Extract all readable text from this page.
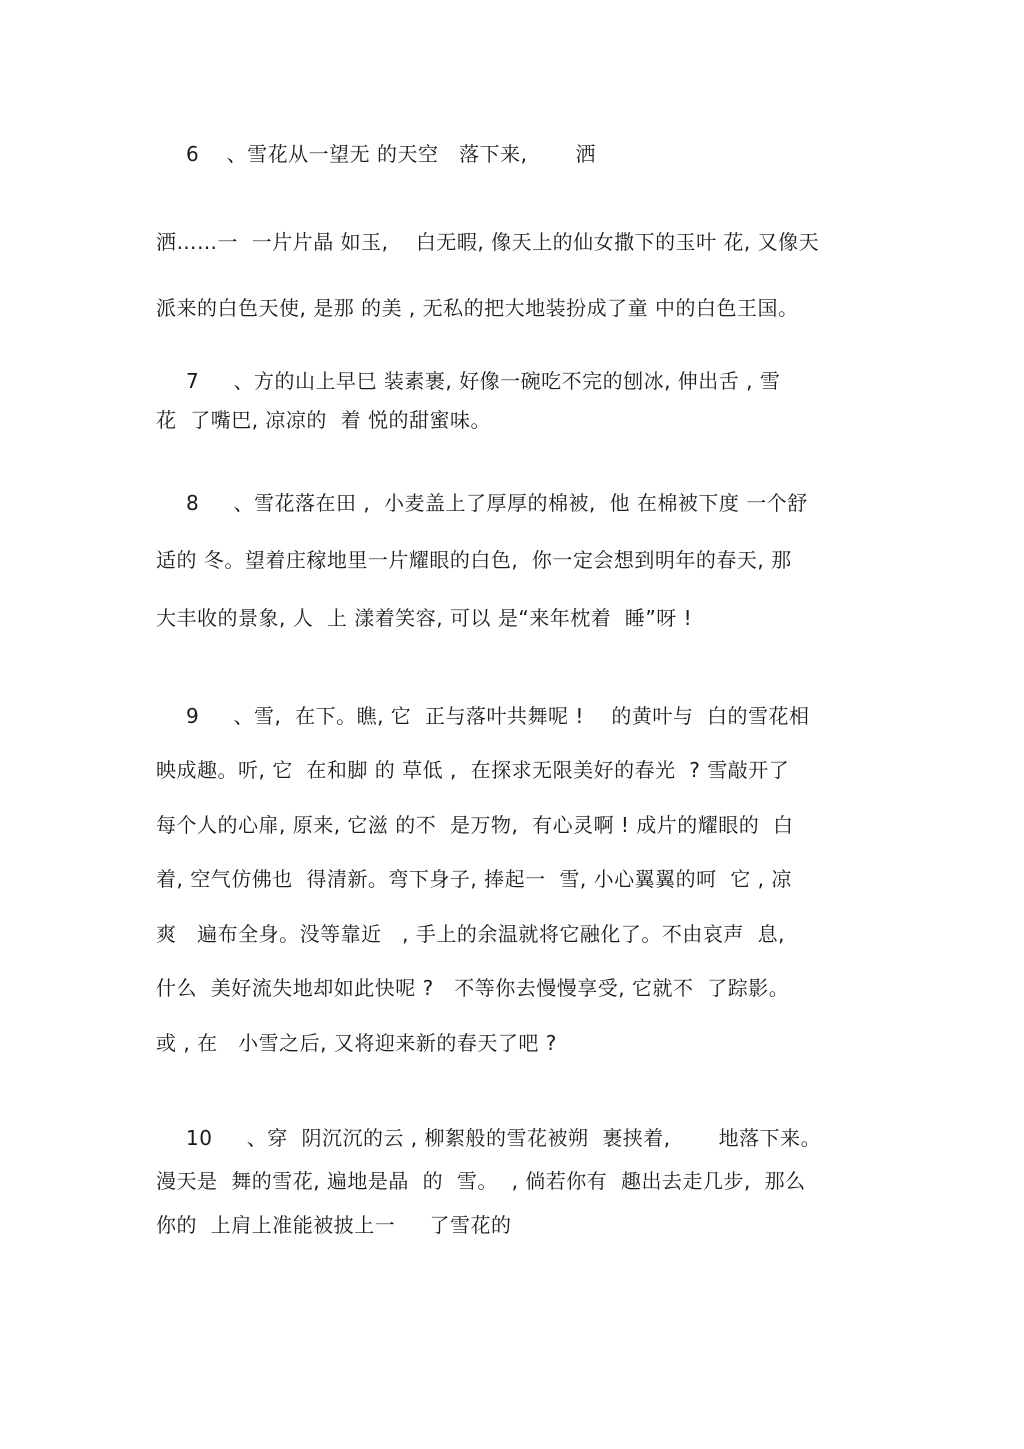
6    、雪花从一望无 的天空   落下来,       洒
洒……一  一片片晶 如玉,    白无暇, 像天上的仙女撒下的玉叶 花, 又像天
派来的白色天使, 是那 的美 , 无私的把大地装扮成了童 中的白色王国。
7     、方的山上早巳 装素裹, 好像一碗吃不完的刨冰, 伸出舌 , 雪
花  了嘴巴, 凉凉的  着 悦的甜蜜味。
8     、雪花落在田 ,  小麦盖上了厚厚的棉被,  他 在棉被下度 一个舒
适的 冬。望着庄稼地里一片耀眼的白色,  你一定会想到明年的春天, 那
大丰收的景象, 人  上 漾着笑容, 可以 是“来年枕着  睡”呀 !
9     、雪,  在下。瞧, 它  正与落叶共舞呢 !    的黄叶与  白的雪花相
映成趣。听, 它  在和脚 的 草低 ,  在探求无限美好的春光  ? 雪敲开了
每个人的心扉, 原来, 它滋 的不  是万物,  有心灵啊 ! 成片的耀眼的  白
着, 空气仿佛也  得清新。弯下身子, 捧起一  雪, 小心翼翼的呵  它 , 凉
爽   遍布全身。没等靠近   , 手上的余温就将它融化了。不由哀声  息,
什么  美好流失地却如此快呢 ?   不等你去慢慢享受, 它就不  了踪影。
或 , 在   小雪之后, 又将迎来新的春天了吧 ?
10     、穿  阴沉沉的云 , 柳絮般的雪花被朔  裹挟着,       地落下来。
漫天是  舞的雪花, 遍地是晶  的  雪。  , 倘若你有  趣出去走几步,  那么
你的  上肩上准能被披上一     了雪花的
